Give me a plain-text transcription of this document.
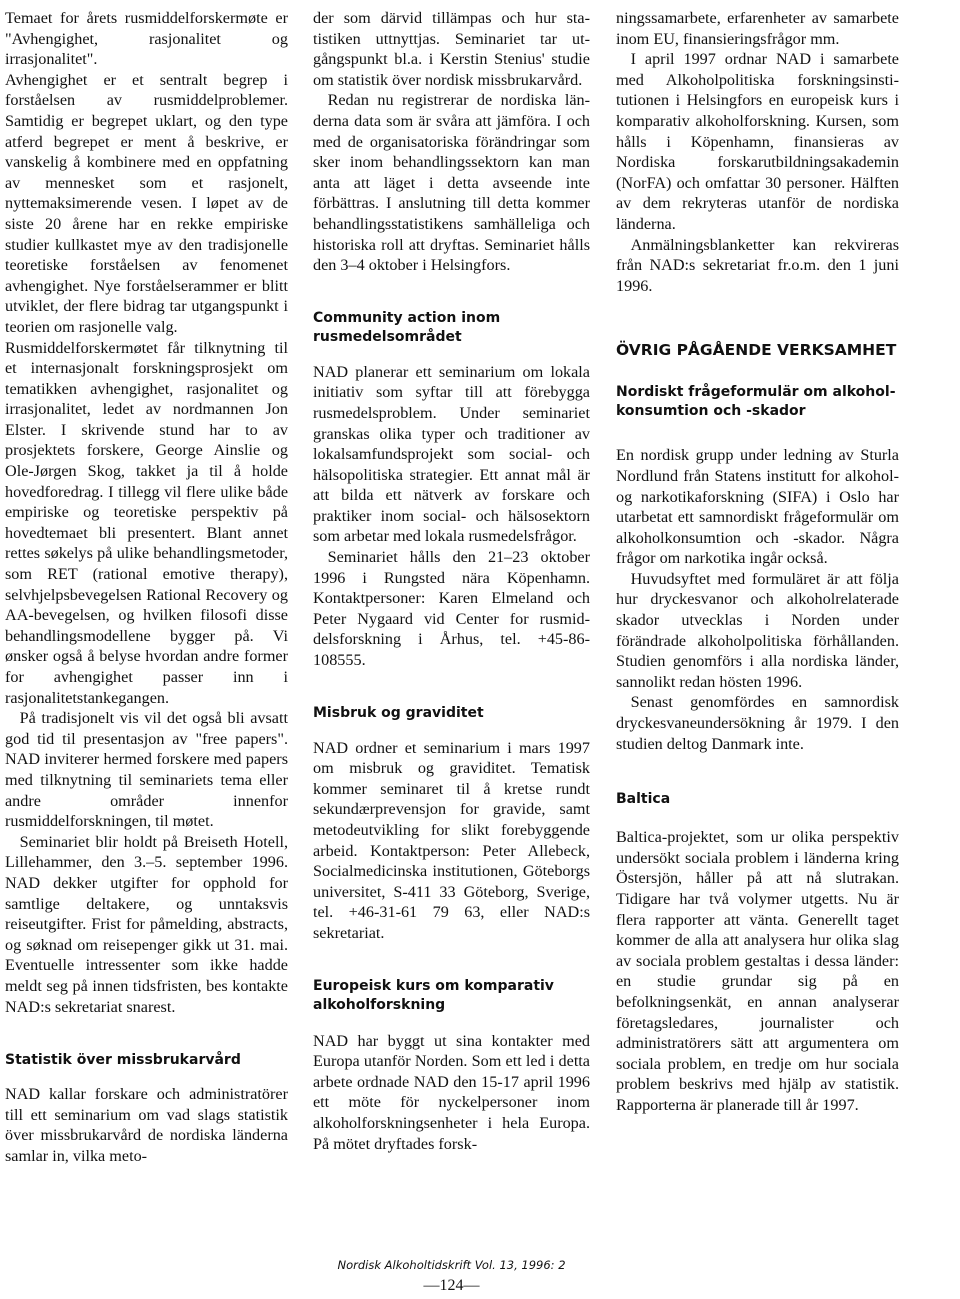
Temaet for årets rusmiddelforskermøte er "Avhengighet, rasjonalitet og irrasjonalitet".

Avhengighet er et sentralt begrep i forståelsen av rusmiddelproblemer. Samtidig er begrepet uklart, og den type atferd begrepet er ment å beskrive, er vanskelig å kombinere med en oppfatning av mennesket som et rasjonelt, nyttemaksimerende vesen. I løpet av de siste 20 årene har en rekke empiriske studier kullkastet mye av den tradisjonelle teoretiske forståelsen av fenomenet avhengighet. Nye forståelserammer er blitt utviklet, der flere bidrag tar utgangspunkt i teorien om rasjonelle valg.

Rusmiddelforskermøtet får tilknytning til et internasjonalt forskningsprosjekt om tematikken avhengighet, rasjonalitet og irrasjonalitet, ledet av nordmannen Jon Elster. I skrivende stund har to av prosjektets forskere, George Ainslie og Ole-Jørgen Skog, takket ja til å holde hovedforedrag. I tillegg vil flere ulike både empiriske og teoretiske perspektiv på hovedtemaet bli presentert. Blant annet rettes søkelys på ulike behandlingsmetoder, som RET (rational emotive therapy), selvhjelpsbevegelsen Rational Recovery og AA-bevegelsen, og hvilken filosofi disse behandlingsmodellene bygger på. Vi ønsker også å belyse hvordan andre former for avhengighet passer inn i rasjonalitetstankegangen.

På tradisjonelt vis vil det også bli avsatt god tid til presentasjon av "free papers". NAD inviterer hermed forskere med papers med tilknytning til seminariets tema eller andre områder innenfor rusmiddelforskningen, til møtet.

Seminariet blir holdt på Breiseth Hotell, Lillehammer, den 3.–5. september 1996. NAD dekker utgifter for opphold for samtlige deltakere, og unntaksvis reiseutgifter. Frist for påmelding, abstracts, og søknad om reisepenger gikk ut 31. mai. Eventuelle intressenter som ikke hadde meldt seg på innen tidsfristen, bes kontakte NAD:s sekretariat snarest.

Statistik över missbrukarvård

NAD kallar forskare och administratörer till ett seminarium om vad slags statistik över missbrukarvård de nordiska länderna samlar in, vilka meto-

der som därvid tillämpas och hur statistiken uttnyttjas. Seminariet tar utgångspunkt bl.a. i Kerstin Stenius' studie om statistik över nordisk missbrukarvård.

Redan nu registrerar de nordiska länderna data som är svåra att jämföra. I och med de organisatoriska förändringar som sker inom behandlingssektorn kan man anta att läget i detta avseende inte förbättras. I anslutning till detta kommer behandlingsstatistikens samhälleliga och historiska roll att dryftas. Seminariet hålls den 3–4 oktober i Helsingfors.

Community action inom rusmedelsområdet

NAD planerar ett seminarium om lokala initiativ som syftar till att förebygga rusmedelsproblem. Under seminariet granskas olika typer och traditioner av lokalsamfundsprojekt som social- och hälsopolitiska strategier. Ett annat mål är att bilda ett nätverk av forskare och praktiker inom social- och hälsosektorn som arbetar med lokala rusmedelsfrågor.

Seminariet hålls den 21–23 oktober 1996 i Rungsted nära Köpenhamn. Kontaktpersoner: Karen Elmeland och Peter Nygaard vid Center for rusmiddelsforskning i Århus, tel. +45-86-108555.

Misbruk og graviditet

NAD ordner et seminarium i mars 1997 om misbruk og graviditet. Tematisk kommer seminaret til å kretse rundt sekundærprevensjon for gravide, samt metodeutvikling for slikt forebyggende arbeid. Kontaktperson: Peter Allebeck, Socialmedicinska institutionen, Göteborgs universitet, S-411 33 Göteborg, Sverige, tel. +46-31-61 79 63, eller NAD:s sekretariat.

Europeisk kurs om komparativ alkoholforskning

NAD har byggt ut sina kontakter med Europa utanför Norden. Som ett led i detta arbete ordnade NAD den 15-17 april 1996 ett möte för nyckelpersoner inom alkoholforskningsenheter i hela Europa. På mötet dryftades forsk-

ningssamarbete, erfarenheter av samarbete inom EU, finansieringsfrågor mm.

I april 1997 ordnar NAD i samarbete med Alkoholpolitiska forskningsinstitutionen i Helsingfors en europeisk kurs i komparativ alkoholforskning. Kursen, som hålls i Köpenhamn, finansieras av Nordiska forskarutbildningsakademin (NorFA) och omfattar 30 personer. Hälften av dem rekryteras utanför de nordiska länderna.

Anmälningsblanketter kan rekvireras från NAD:s sekretariat fr.o.m. den 1 juni 1996.

ÖVRIG PÅGÅENDE VERKSAMHET
Nordiskt frågeformulär om alkoholkonsumtion och -skador

En nordisk grupp under ledning av Sturla Nordlund från Statens institutt for alkohol- og narkotikaforskning (SIFA) i Oslo har utarbetat ett samnordiskt frågeformulär om alkoholkonsumtion och -skador. Några frågor om narkotika ingår också.

Huvudsyftet med formuläret är att följa hur dryckesvanor och alkoholrelaterade skador utvecklas i Norden under förändrade alkoholpolitiska förhållanden. Studien genomförs i alla nordiska länder, sannolikt redan hösten 1996.

Senast genomfördes en samnordisk dryckesvaneundersökning år 1979. I den studien deltog Danmark inte.

Baltica

Baltica-projektet, som ur olika perspektiv undersökt sociala problem i länderna kring Östersjön, håller på att nå slutrakan. Tidigare har två volymer utgetts. Nu är flera rapporter att vänta. Generellt taget kommer de alla att analysera hur olika slag av sociala problem gestaltas i dessa länder: en studie grundar sig på en befolkningsenkät, en annan analyserar företagsledares, journalister och administratörers sätt att argumentera om sociala problem, en tredje om hur sociala problem beskrivs med hjälp av statistik. Rapporterna är planerade till år 1997.

Nordisk Alkoholtidskrift Vol. 13, 1996: 2
—124—
